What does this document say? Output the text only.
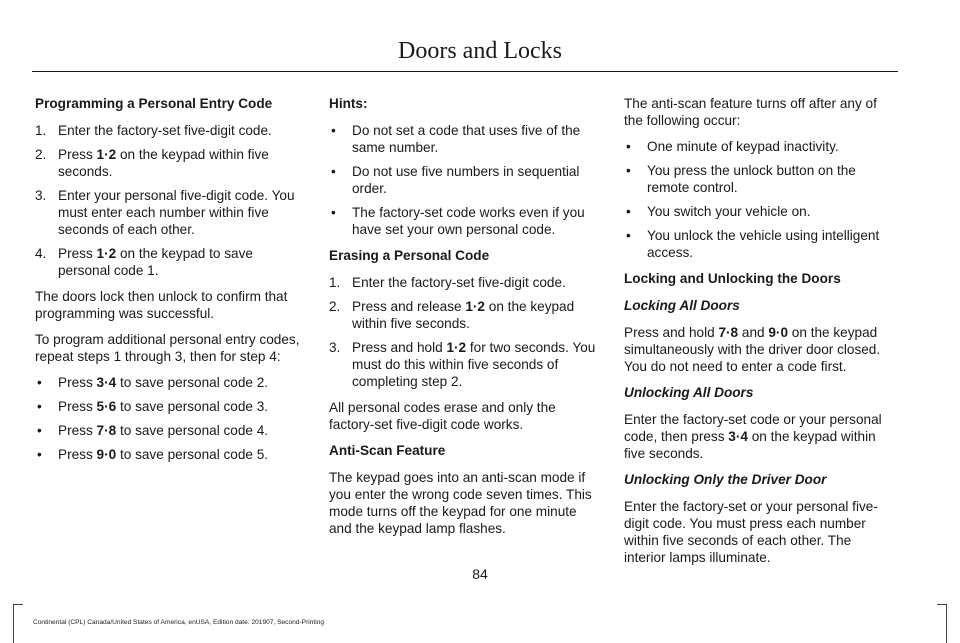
Doors and Locks
Programming a Personal Entry Code
1. Enter the factory-set five-digit code.
2. Press 1·2 on the keypad within five seconds.
3. Enter your personal five-digit code. You must enter each number within five seconds of each other.
4. Press 1·2 on the keypad to save personal code 1.
The doors lock then unlock to confirm that programming was successful.
To program additional personal entry codes, repeat steps 1 through 3, then for step 4:
• Press 3·4 to save personal code 2.
• Press 5·6 to save personal code 3.
• Press 7·8 to save personal code 4.
• Press 9·0 to save personal code 5.
Hints:
• Do not set a code that uses five of the same number.
• Do not use five numbers in sequential order.
• The factory-set code works even if you have set your own personal code.
Erasing a Personal Code
1. Enter the factory-set five-digit code.
2. Press and release 1·2 on the keypad within five seconds.
3. Press and hold 1·2 for two seconds. You must do this within five seconds of completing step 2.
All personal codes erase and only the factory-set five-digit code works.
Anti-Scan Feature
The keypad goes into an anti-scan mode if you enter the wrong code seven times. This mode turns off the keypad for one minute and the keypad lamp flashes.
The anti-scan feature turns off after any of the following occur:
• One minute of keypad inactivity.
• You press the unlock button on the remote control.
• You switch your vehicle on.
• You unlock the vehicle using intelligent access.
Locking and Unlocking the Doors
Locking All Doors
Press and hold 7·8 and 9·0 on the keypad simultaneously with the driver door closed. You do not need to enter a code first.
Unlocking All Doors
Enter the factory-set code or your personal code, then press 3·4 on the keypad within five seconds.
Unlocking Only the Driver Door
Enter the factory-set or your personal five-digit code. You must press each number within five seconds of each other. The interior lamps illuminate.
84
Continental (CPL) Canada/United States of America, enUSA, Edition date: 201907, Second-Printing
